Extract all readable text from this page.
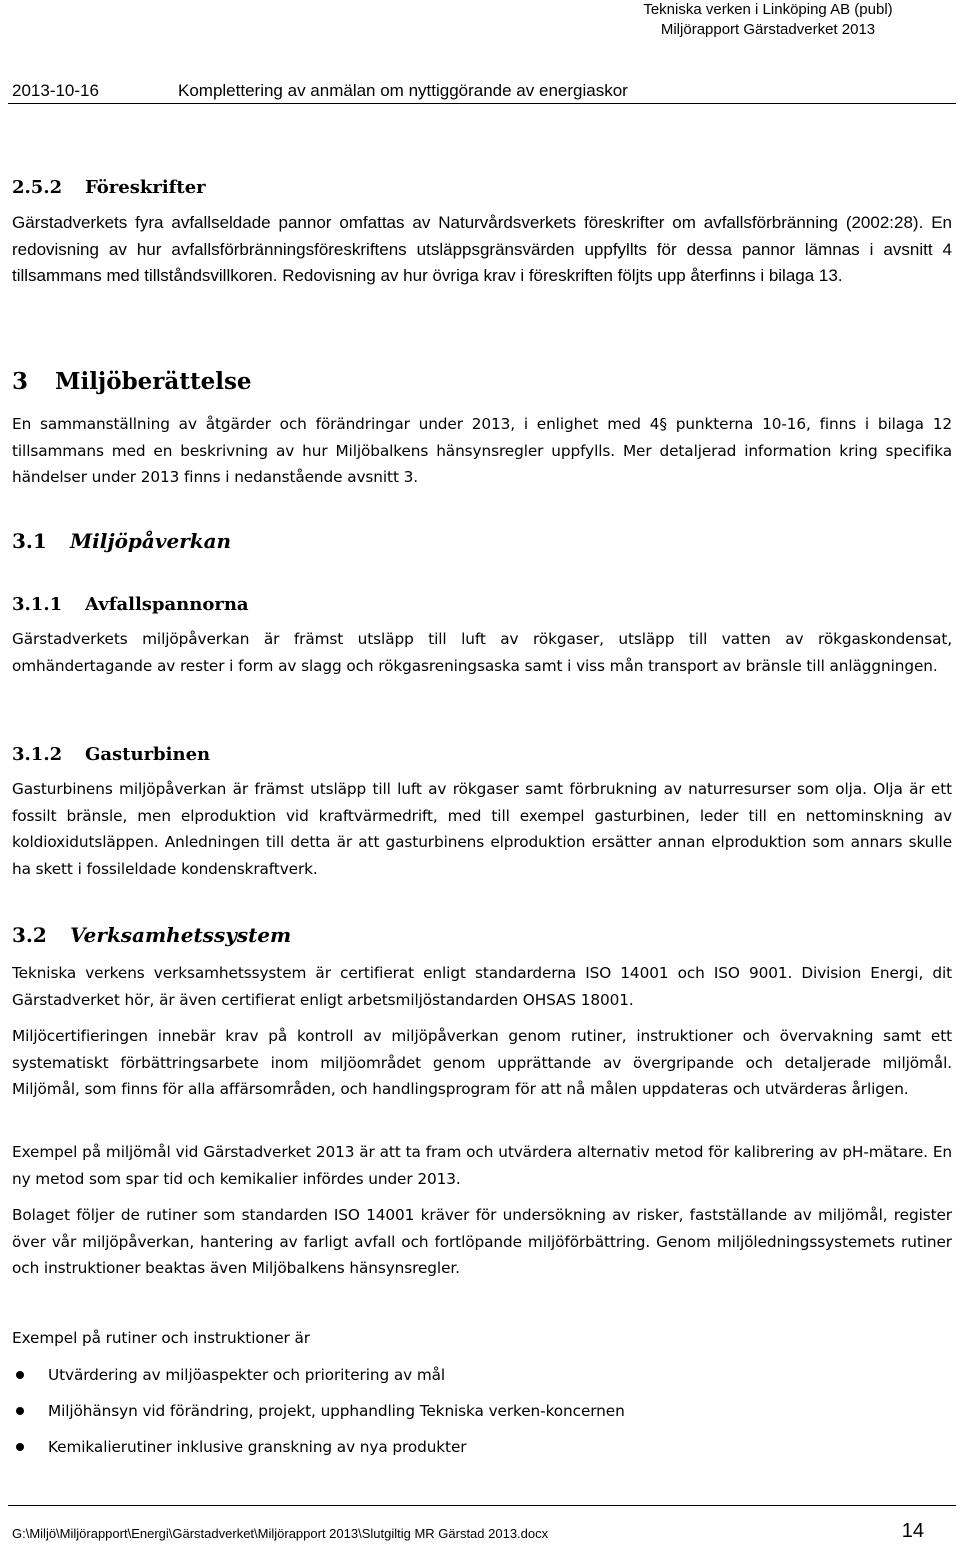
Tekniska verken i Linköping AB (publ)
Miljörapport Gärstadverket 2013
2013-10-16	Komplettering av anmälan om nyttiggörande av energiaskor
2.5.2 Föreskrifter

Gärstadverkets fyra avfallseldade pannor omfattas av Naturvårdsverkets föreskrifter om avfallsförbränning (2002:28). En redovisning av hur avfallsförbränningsföreskriftens utsläppsgränsvärden uppfyllts för dessa pannor lämnas i avsnitt 4 tillsammans med tillståndsvillkoren. Redovisning av hur övriga krav i föreskriften följts upp återfinns i bilaga 13.

3 Miljöberättelse

En sammanställning av åtgärder och förändringar under 2013, i enlighet med 4§ punkterna 10-16, finns i bilaga 12 tillsammans med en beskrivning av hur Miljöbalkens hänsynsregler uppfylls. Mer detaljerad information kring specifika händelser under 2013 finns i nedanstående avsnitt 3.

3.1 Miljöpåverkan
3.1.1 Avfallspannorna

Gärstadverkets miljöpåverkan är främst utsläpp till luft av rökgaser, utsläpp till vatten av rökgaskondensat, omhändertagande av rester i form av slagg och rökgasreningsaska samt i viss mån transport av bränsle till anläggningen.

3.1.2 Gasturbinen

Gasturbinens miljöpåverkan är främst utsläpp till luft av rökgaser samt förbrukning av naturresurser som olja. Olja är ett fossilt bränsle, men elproduktion vid kraftvärmedrift, med till exempel gasturbinen, leder till en nettominskning av koldioxidutsläppen. Anledningen till detta är att gasturbinens elproduktion ersätter annan elproduktion som annars skulle ha skett i fossileldade kondenskraftverk.

3.2 Verksamhetssystem

Tekniska verkens verksamhetssystem är certifierat enligt standarderna ISO 14001 och ISO 9001. Division Energi, dit Gärstadverket hör, är även certifierat enligt arbetsmiljöstandarden OHSAS 18001.

Miljöcertifieringen innebär krav på kontroll av miljöpåverkan genom rutiner, instruktioner och övervakning samt ett systematiskt förbättringsarbete inom miljöområdet genom upprättande av övergripande och detaljerade miljömål. Miljömål, som finns för alla affärsområden, och handlingsprogram för att nå målen uppdateras och utvärderas årligen.

Exempel på miljömål vid Gärstadverket 2013 är att ta fram och utvärdera alternativ metod för kalibrering av pH-mätare. En ny metod som spar tid och kemikalier infördes under 2013.

Bolaget följer de rutiner som standarden ISO 14001 kräver för undersökning av risker, fastställande av miljömål, register över vår miljöpåverkan, hantering av farligt avfall och fortlöpande miljöförbättring. Genom miljöledningssystemets rutiner och instruktioner beaktas även Miljöbalkens hänsynsregler.

Exempel på rutiner och instruktioner är

Utvärdering av miljöaspekter och prioritering av mål
Miljöhänsyn vid förändring, projekt, upphandling Tekniska verken-koncernen
Kemikalierutiner inklusive granskning av nya produkter
G:\Miljö\Miljörapport\Energi\Gärstadverket\Miljörapport 2013\Slutgiltig MR Gärstad 2013.docx	14
